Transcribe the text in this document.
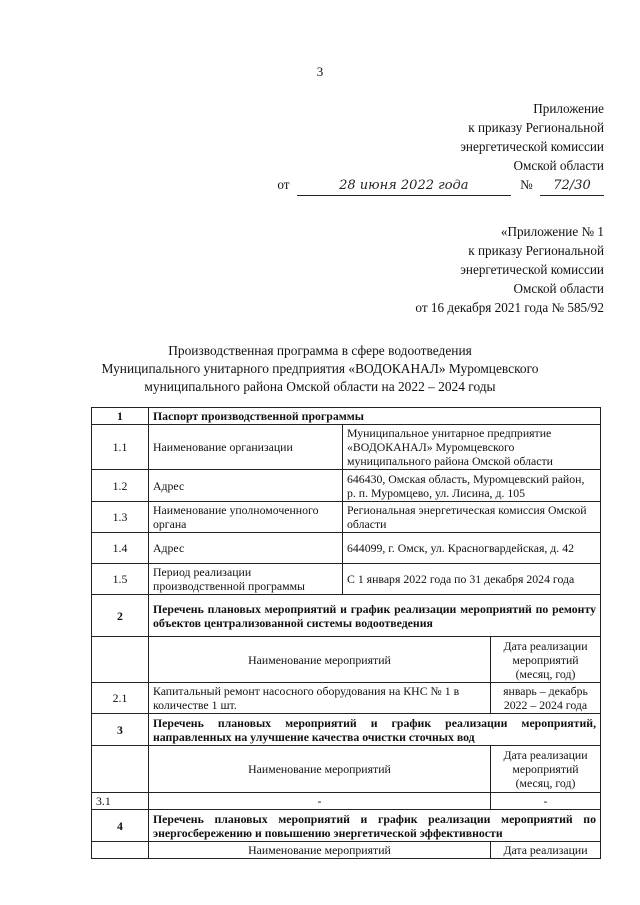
3
Приложение
к приказу Региональной
энергетической комиссии
Омской области
от	28 июня 2022 года	№ 72/30
«Приложение № 1
к приказу Региональной
энергетической комиссии
Омской области
от 16 декабря 2021 года № 585/92
Производственная программа в сфере водоотведения
Муниципального унитарного предприятия «ВОДОКАНАЛ» Муромцевского
муниципального района Омской области на 2022 – 2024 годы
1	Паспорт производственной программы		
1.1	Наименование организации	Муниципальное унитарное предприятие «ВОДОКАНАЛ» Муромцевского муниципального района Омской области	
1.2	Адрес	646430, Омская область, Муромцевский район, р. п. Муромцево, ул. Лисина, д. 105	
1.3	Наименование уполномоченного органа	Региональная энергетическая комиссия Омской области	
1.4	Адрес	644099, г. Омск, ул. Красногвардейская, д. 42	
1.5	Период реализации производственной программы	С 1 января 2022 года по 31 декабря 2024 года	
2	Перечень плановых мероприятий и график реализации мероприятий по ремонту объектов централизованной системы водоотведения		
	Наименование мероприятий		Дата реализации мероприятий (месяц, год)
2.1	Капитальный ремонт насосного оборудования на КНС № 1 в количестве 1 шт.		январь – декабрь 2022 – 2024 года
3	Перечень плановых мероприятий и график реализации мероприятий, направленных на улучшение качества очистки сточных вод		
	Наименование мероприятий		Дата реализации мероприятий (месяц, год)
3.1	-		-
4	Перечень плановых мероприятий и график реализации мероприятий по энергосбережению и повышению энергетической эффективности		
	Наименование мероприятий		Дата реализации
